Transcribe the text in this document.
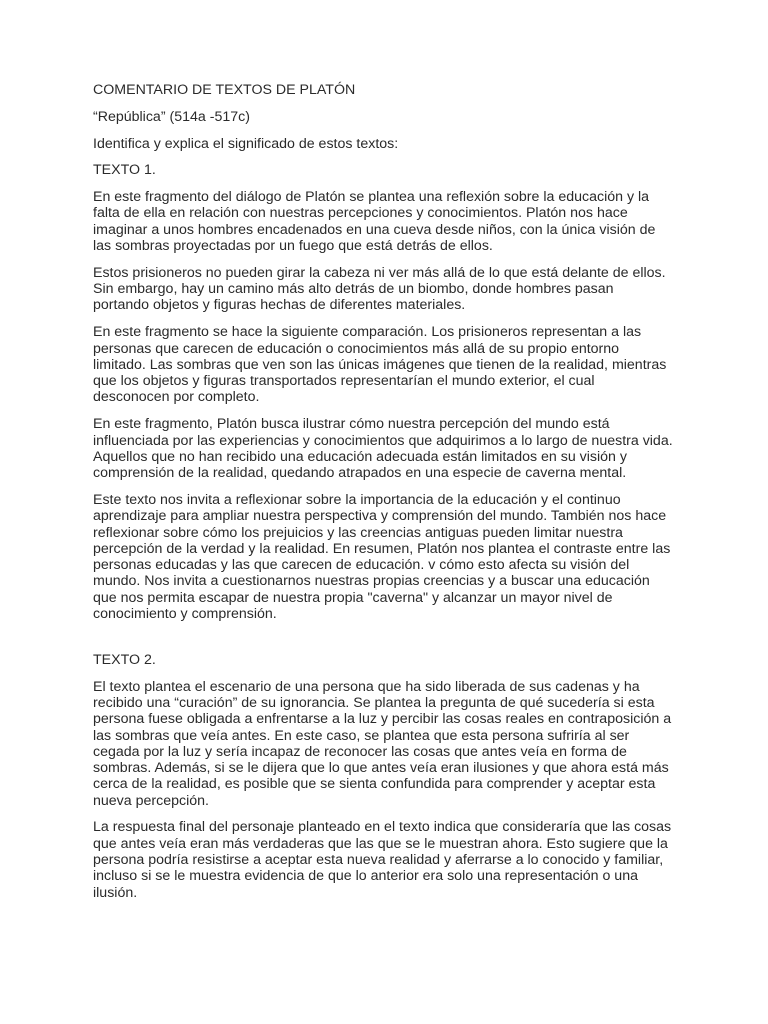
COMENTARIO DE TEXTOS DE PLATÓN
“República” (514a -517c)
Identifica y explica el significado de estos textos:
TEXTO 1.

En este fragmento del diálogo de Platón se plantea una reflexión sobre la educación y la falta de ella en relación con nuestras percepciones y conocimientos. Platón nos hace imaginar a unos hombres encadenados en una cueva desde niños, con la única visión de las sombras proyectadas por un fuego que está detrás de ellos.

Estos prisioneros no pueden girar la cabeza ni ver más allá de lo que está delante de ellos. Sin embargo, hay un camino más alto detrás de un biombo, donde hombres pasan portando objetos y figuras hechas de diferentes materiales.

En este fragmento se hace la siguiente comparación. Los prisioneros representan a las personas que carecen de educación o conocimientos más allá de su propio entorno limitado. Las sombras que ven son las únicas imágenes que tienen de la realidad, mientras que los objetos y figuras transportados representarían el mundo exterior, el cual desconocen por completo.

En este fragmento, Platón busca ilustrar cómo nuestra percepción del mundo está influenciada por las experiencias y conocimientos que adquirimos a lo largo de nuestra vida. Aquellos que no han recibido una educación adecuada están limitados en su visión y comprensión de la realidad, quedando atrapados en una especie de caverna mental.

Este texto nos invita a reflexionar sobre la importancia de la educación y el continuo aprendizaje para ampliar nuestra perspectiva y comprensión del mundo. También nos hace reflexionar sobre cómo los prejuicios y las creencias antiguas pueden limitar nuestra percepción de la verdad y la realidad. En resumen, Platón nos plantea el contraste entre las personas educadas y las que carecen de educación. v cómo esto afecta su visión del mundo. Nos invita a cuestionarnos nuestras propias creencias y a buscar una educación que nos permita escapar de nuestra propia "caverna" y alcanzar un mayor nivel de conocimiento y comprensión.

TEXTO 2.

El texto plantea el escenario de una persona que ha sido liberada de sus cadenas y ha recibido una “curación” de su ignorancia. Se plantea la pregunta de qué sucedería si esta persona fuese obligada a enfrentarse a la luz y percibir las cosas reales en contraposición a las sombras que veía antes. En este caso, se plantea que esta persona sufriría al ser cegada por la luz y sería incapaz de reconocer las cosas que antes veía en forma de sombras. Además, si se le dijera que lo que antes veía eran ilusiones y que ahora está más cerca de la realidad, es posible que se sienta confundida para comprender y aceptar esta nueva percepción.

La respuesta final del personaje planteado en el texto indica que consideraría que las cosas que antes veía eran más verdaderas que las que se le muestran ahora. Esto sugiere que la persona podría resistirse a aceptar esta nueva realidad y aferrarse a lo conocido y familiar, incluso si se le muestra evidencia de que lo anterior era solo una representación o una ilusión.
